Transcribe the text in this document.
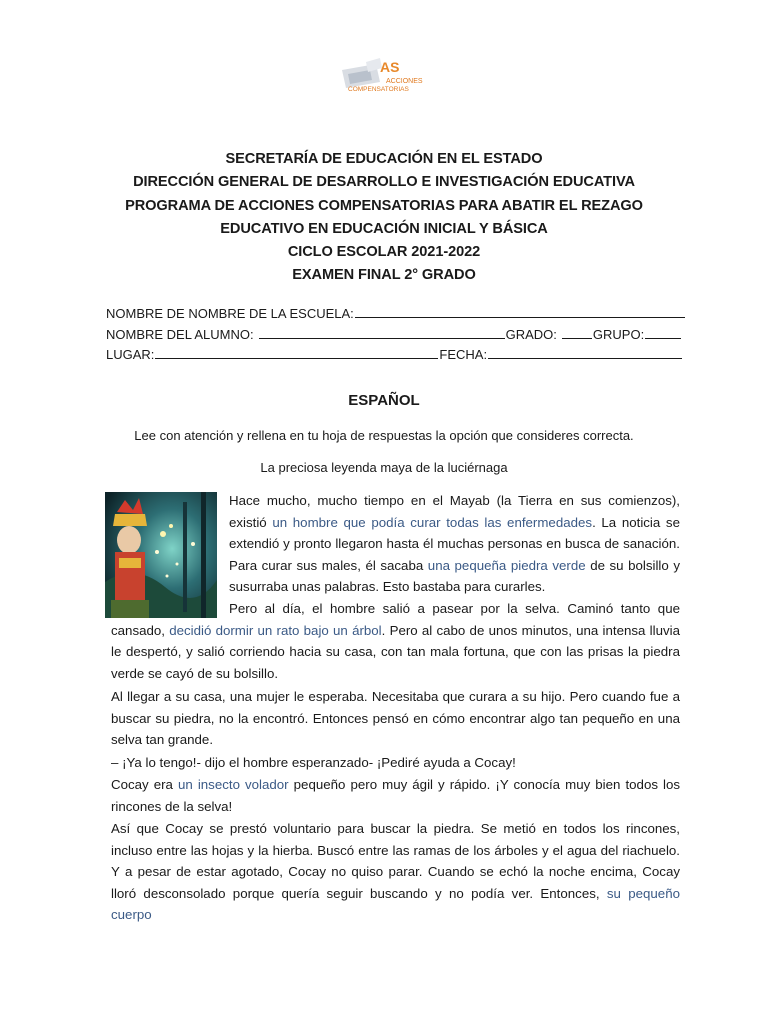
AS
ACCIONES
COMPENSATORIAS

SECRETARÍA DE EDUCACIÓN EN EL ESTADO

DIRECCIÓN GENERAL DE DESARROLLO E INVESTIGACIÓN EDUCATIVA

PROGRAMA DE ACCIONES COMPENSATORIAS PARA ABATIR EL REZAGO

EDUCATIVO EN EDUCACIÓN INICIAL Y BÁSICA

CICLO ESCOLAR 2021-2022

EXAMEN FINAL 2° GRADO

NOMBRE DE NOMBRE DE LA ESCUELA:
NOMBRE DEL ALUMNO:	GRADO:	GRUPO:
LUGAR:	FECHA:
ESPAÑOL
Lee con atención y rellena en tu hoja de respuestas la opción que consideres correcta.
La preciosa leyenda maya de la luciérnaga

Hace mucho, mucho tiempo en el Mayab (la Tierra en sus comienzos), existió un hombre que podía curar todas las enfermedades. La noticia se extendió y pronto llegaron hasta él muchas personas en busca de sanación. Para curar sus males, él sacaba una pequeña piedra verde de su bolsillo y susurraba unas palabras. Esto bastaba para curarles.

Pero al día, el hombre salió a pasear por la selva. Caminó tanto que cansado, decidió dormir un rato bajo un árbol. Pero al cabo de unos minutos, una intensa lluvia le despertó, y salió corriendo hacia su casa, con tan mala fortuna, que con las prisas la piedra verde se cayó de su bolsillo.

Al llegar a su casa, una mujer le esperaba. Necesitaba que curara a su hijo. Pero cuando fue a buscar su piedra, no la encontró. Entonces pensó en cómo encontrar algo tan pequeño en una selva tan grande.

– ¡Ya lo tengo!- dijo el hombre esperanzado- ¡Pediré ayuda a Cocay!

Cocay era un insecto volador pequeño pero muy ágil y rápido. ¡Y conocía muy bien todos los rincones de la selva!

Así que Cocay se prestó voluntario para buscar la piedra. Se metió en todos los rincones, incluso entre las hojas y la hierba. Buscó entre las ramas de los árboles y el agua del riachuelo. Y a pesar de estar agotado, Cocay no quiso parar. Cuando se echó la noche encima, Cocay lloró desconsolado porque quería seguir buscando y no podía ver. Entonces, su pequeño cuerpo
